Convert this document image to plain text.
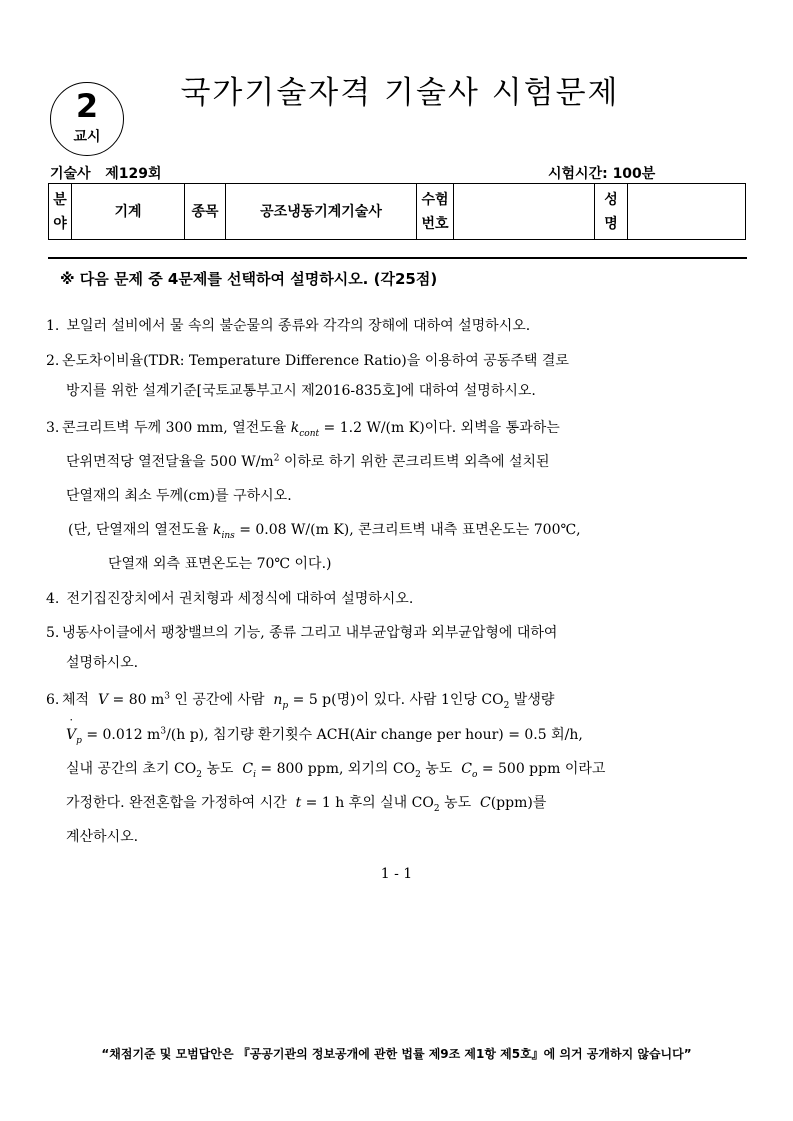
2
교시
국가기술자격 기술사 시험문제
기술사   제129회	시험시간: 100분
분 야	기계	종목	공조냉동기계기술사	수험 번호		성 명	
※ 다음 문제 중 4문제를 선택하여 설명하시오. (각25점)
1. 보일러 설비에서 물 속의 불순물의 종류와 각각의 장해에 대하여 설명하시오.
2. 온도차이비율(TDR: Temperature Difference Ratio)을 이용하여 공동주택 결로
방지를 위한 설계기준[국토교통부고시 제2016-835호]에 대하여 설명하시오.
3. 콘크리트벽 두께 300 mm, 열전도율 $k_{cont} = 1.2$ W/(m K)이다. 외벽을 통과하는
단위면적당 열전달율을 500 $W/m^2$ 이하로 하기 위한 콘크리트벽 외측에 설치된
단열재의 최소 두께(cm)를 구하시오.
(단, 단열재의 열전도율 $k_{ins} = 0.08$ W/(m K), 콘크리트벽 내측 표면온도는 700℃,
단열재 외측 표면온도는 70℃ 이다.)
4. 전기집진장치에서 권치형과 세정식에 대하여 설명하시오.
5. 냉동사이클에서 팽창밸브의 기능, 종류 그리고 내부균압형과 외부균압형에 대하여
설명하시오.
6. 체적  V = 80 $m^3$ 인 공간에 사람  $n_p = 5$ p(명)이 있다. 사람 1인당 $CO_2$ 발생량
˙ $V_p = 0.012$ $m^3/(h$ p), 침기량 환기횟수 ACH(Air change per hour) = 0.5 회/h,
실내 공간의 초기 $CO_2$ 농도  $C_i = 800$ ppm, 외기의 $CO_2$ 농도  $C_o = 500$ ppm 이라고
가정한다. 완전혼합을 가정하여 시간  t = 1 h 후의 실내 $CO_2$ 농도  C(ppm)를
계산하시오.
1 - 1
“채점기준 및 모범답안은 『공공기관의 정보공개에 관한 법률 제9조 제1항 제5호』에 의거 공개하지 않습니다”
